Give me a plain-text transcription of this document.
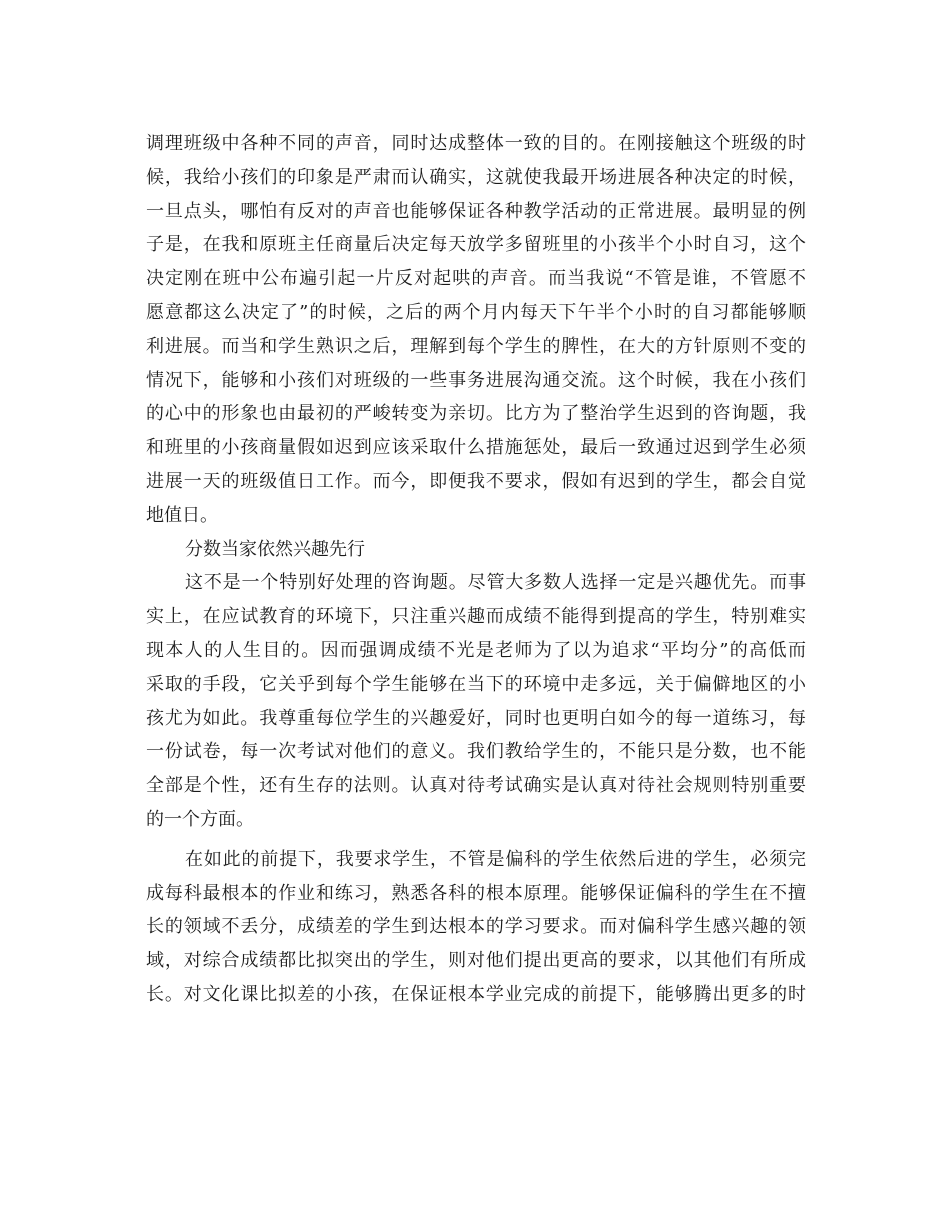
调理班级中各种不同的声音，同时达成整体一致的目的。在刚接触这个班级的时
候，我给小孩们的印象是严肃而认确实，这就使我最开场进展各种决定的时候，
一旦点头，哪怕有反对的声音也能够保证各种教学活动的正常进展。最明显的例
子是，在我和原班主任商量后决定每天放学多留班里的小孩半个小时自习，这个
决定刚在班中公布遍引起一片反对起哄的声音。而当我说“不管是谁，不管愿不
愿意都这么决定了”的时候，之后的两个月内每天下午半个小时的自习都能够顺
利进展。而当和学生熟识之后，理解到每个学生的脾性，在大的方针原则不变的
情况下，能够和小孩们对班级的一些事务进展沟通交流。这个时候，我在小孩们
的心中的形象也由最初的严峻转变为亲切。比方为了整治学生迟到的咨询题，我
和班里的小孩商量假如迟到应该采取什么措施惩处，最后一致通过迟到学生必须
进展一天的班级值日工作。而今，即便我不要求，假如有迟到的学生，都会自觉
地值日。
分数当家依然兴趣先行
这不是一个特别好处理的咨询题。尽管大多数人选择一定是兴趣优先。而事
实上，在应试教育的环境下，只注重兴趣而成绩不能得到提高的学生，特别难实
现本人的人生目的。因而强调成绩不光是老师为了以为追求“平均分”的高低而
采取的手段，它关乎到每个学生能够在当下的环境中走多远，关于偏僻地区的小
孩尤为如此。我尊重每位学生的兴趣爱好，同时也更明白如今的每一道练习，每
一份试卷，每一次考试对他们的意义。我们教给学生的，不能只是分数，也不能
全部是个性，还有生存的法则。认真对待考试确实是认真对待社会规则特别重要
的一个方面。
在如此的前提下，我要求学生，不管是偏科的学生依然后进的学生，必须完
成每科最根本的作业和练习，熟悉各科的根本原理。能够保证偏科的学生在不擅
长的领域不丢分，成绩差的学生到达根本的学习要求。而对偏科学生感兴趣的领
域，对综合成绩都比拟突出的学生，则对他们提出更高的要求，以其他们有所成
长。对文化课比拟差的小孩，在保证根本学业完成的前提下，能够腾出更多的时
